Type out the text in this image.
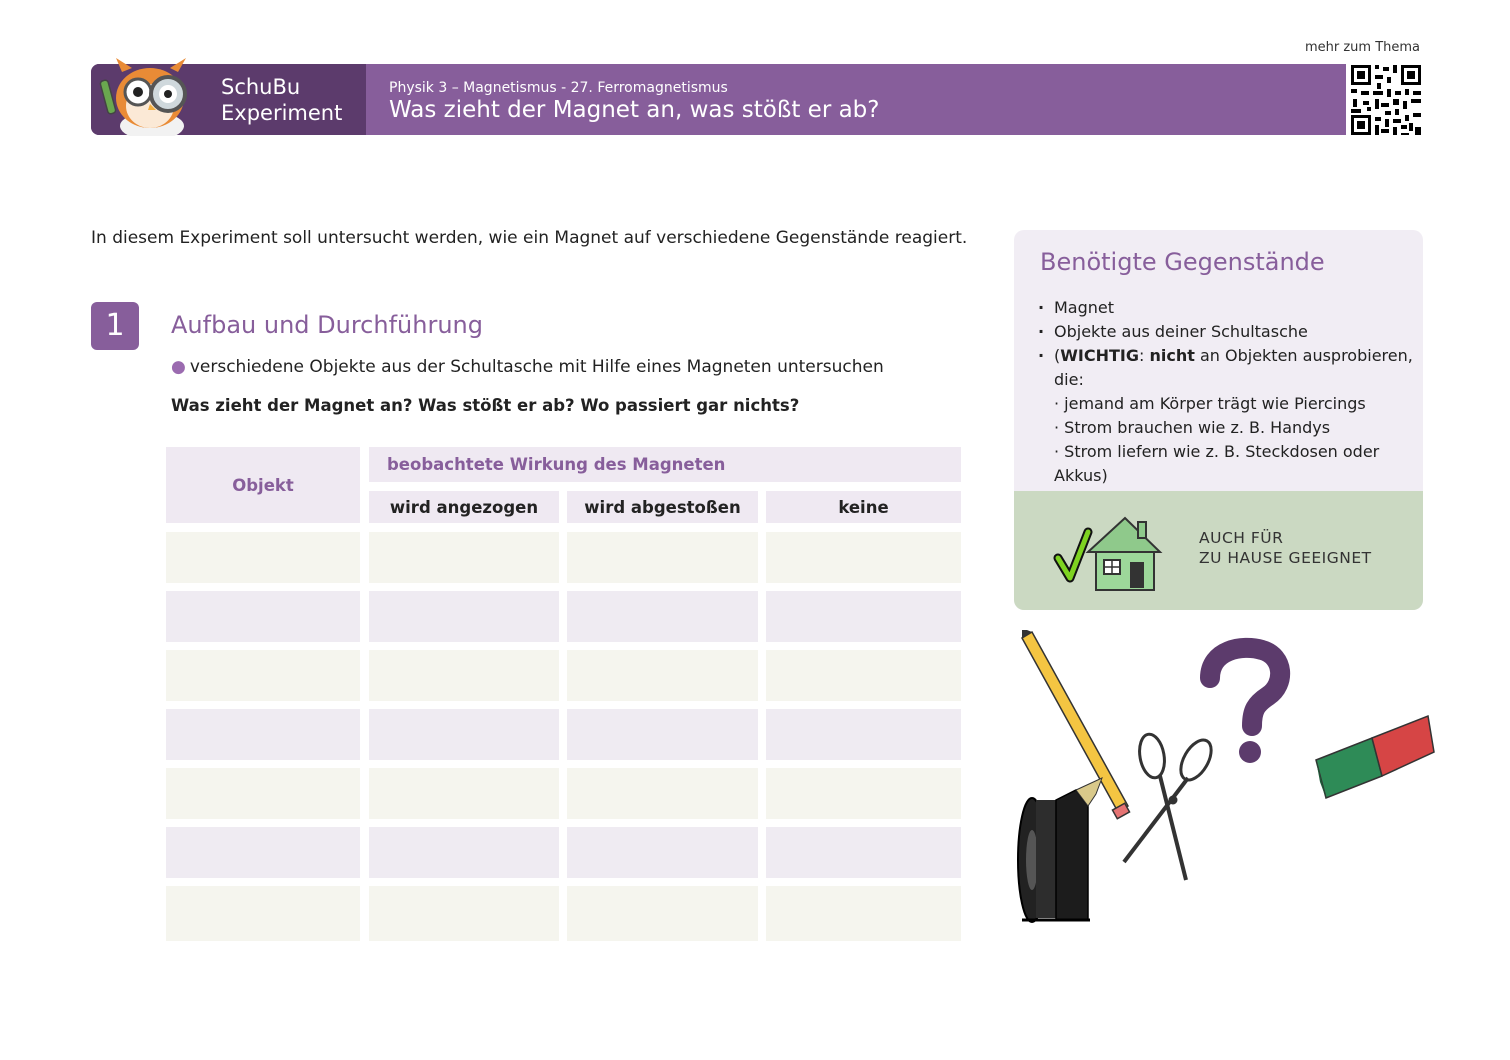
mehr zum Thema
SchuBu
Experiment
Physik 3 – Magnetismus - 27. Ferromagnetismus
Was zieht der Magnet an, was stößt er ab?
In diesem Experiment soll untersucht werden, wie ein Magnet auf verschiedene Gegenstände reagiert.
1	Aufbau und Durchführung
● verschiedene Objekte aus der Schultasche mit Hilfe eines Magneten untersuchen
Was zieht der Magnet an? Was stößt er ab? Wo passiert gar nichts?
Objekt
beobachtete Wirkung des Magneten
wird angezogen	wird abgestoßen	keine
Benötigte Gegenstände
· Magnet
· Objekte aus deiner Schultasche
· (WICHTIG: nicht an Objekten ausprobieren, die:
· jemand am Körper trägt wie Piercings
· Strom brauchen wie z. B. Handys
· Strom liefern wie z. B. Steckdosen oder Akkus)
AUCH FÜR
ZU HAUSE GEEIGNET
